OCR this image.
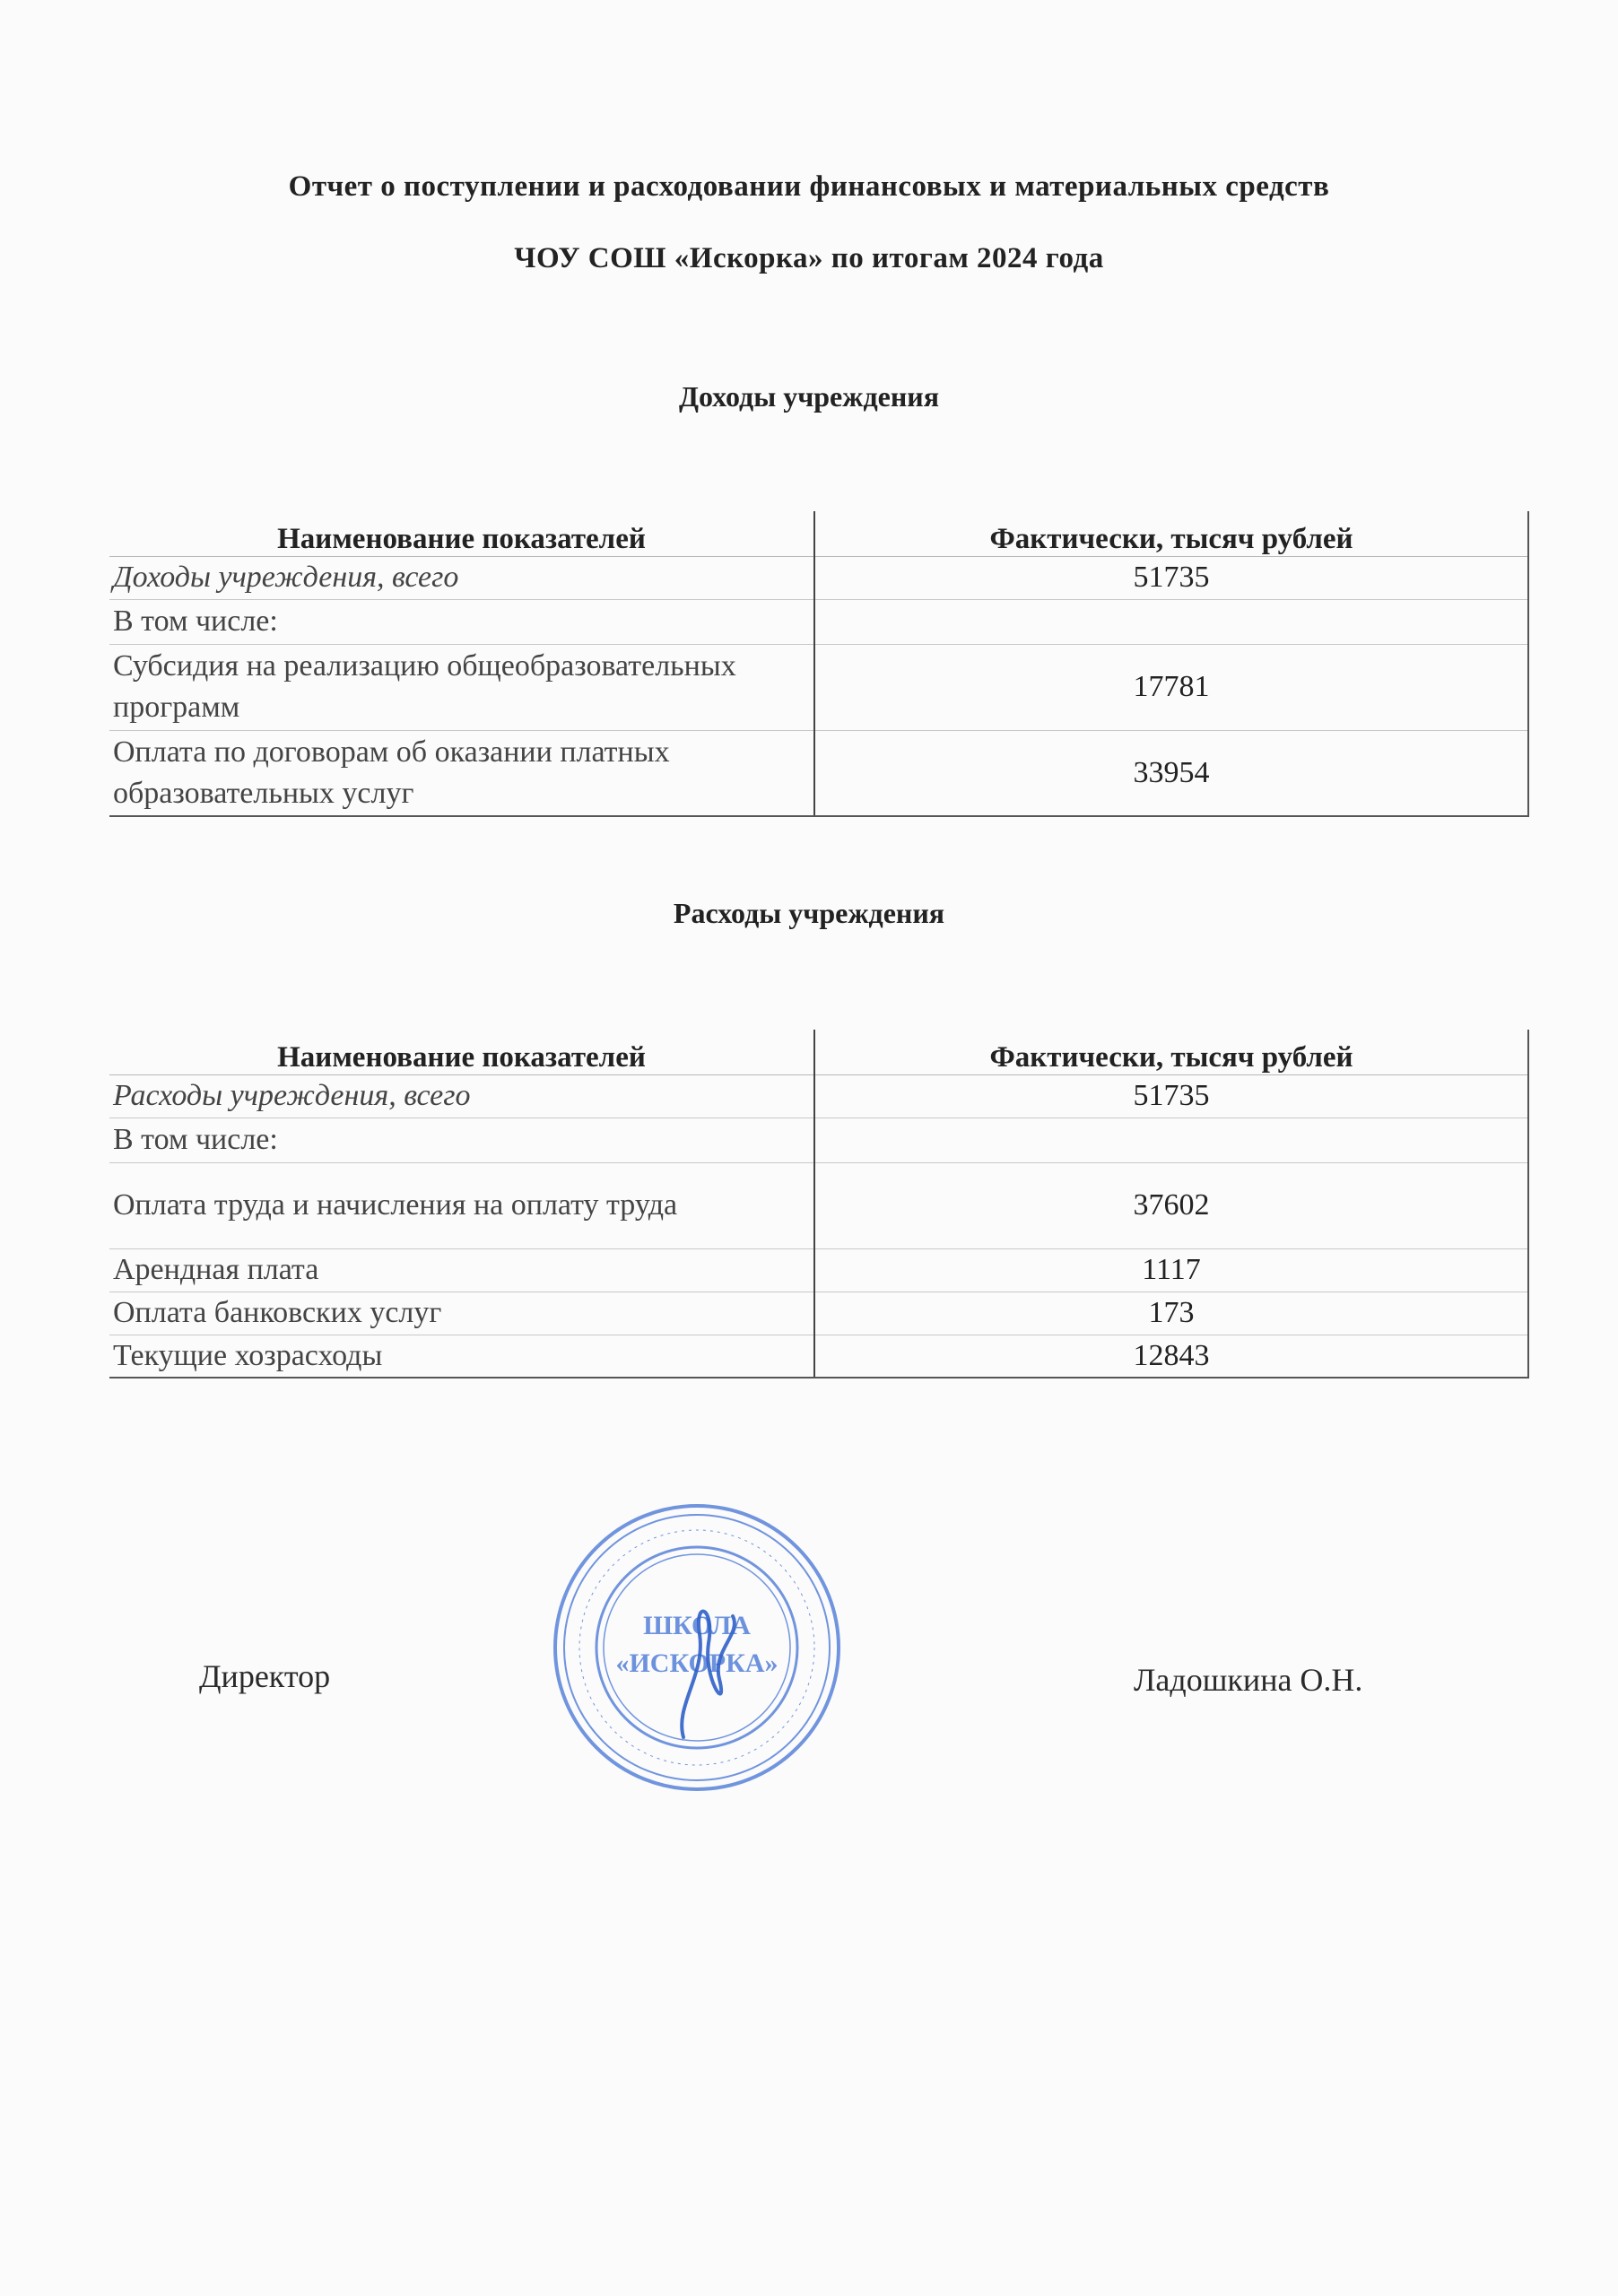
Отчет о поступлении и расходовании финансовых и материальных средств
ЧОУ СОШ «Искорка» по итогам 2024 года
Доходы учреждения
Наименование показателей	Фактически, тысяч рублей
Доходы учреждения, всего	51735
В том числе:	
Субсидия на реализацию общеобразовательных программ	17781
Оплата по договорам об оказании платных образовательных услуг	33954
Расходы учреждения
Наименование показателей	Фактически, тысяч рублей
Расходы учреждения, всего	51735
В том числе:	
Оплата труда и начисления на оплату труда	37602
Арендная плата	1117
Оплата банковских услуг	173
Текущие хозрасходы	12843
Директор	Ладошкина О.Н.
ШКОЛА
«ИСКОРКА»
